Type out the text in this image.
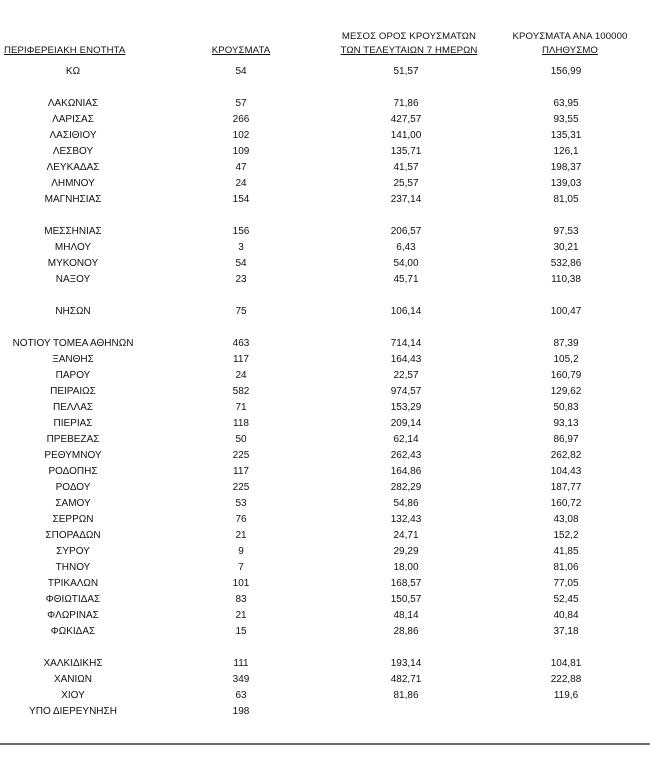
ΠΕΡΙΦΕΡΕΙΑΚΗ ΕΝΟΤΗΤΑ	ΚΡΟΥΣΜΑΤΑ
ΜΕΣΟΣ ΟΡΟΣ ΚΡΟΥΣΜΑΤΩΝ
ΤΩΝ ΤΕΛΕΥΤΑΙΩΝ 7 ΗΜΕΡΩΝ
ΚΡΟΥΣΜΑΤΑ ΑΝΑ 100000
ΠΛΗΘΥΣΜΟ
ΚΩ	54	51,57	156,99
ΛΑΚΩΝΙΑΣ	57	71,86	63,95
ΛΑΡΙΣΑΣ	266	427,57	93,55
ΛΑΣΙΘΙΟΥ	102	141,00	135,31
ΛΕΣΒΟΥ	109	135,71	126,1
ΛΕΥΚΑΔΑΣ	47	41,57	198,37
ΛΗΜΝΟΥ	24	25,57	139,03
ΜΑΓΝΗΣΙΑΣ	154	237,14	81,05
ΜΕΣΣΗΝΙΑΣ	156	206,57	97,53
ΜΗΛΟΥ	3	6,43	30,21
ΜΥΚΟΝΟΥ	54	54,00	532,86
ΝΑΞΟΥ	23	45,71	110,38
ΝΗΣΩΝ	75	106,14	100,47
ΝΟΤΙΟΥ ΤΟΜΕΑ ΑΘΗΝΩΝ	463	714,14	87,39
ΞΑΝΘΗΣ	117	164,43	105,2
ΠΑΡΟΥ	24	22,57	160,79
ΠΕΙΡΑΙΩΣ	582	974,57	129,62
ΠΕΛΛΑΣ	71	153,29	50,83
ΠΙΕΡΙΑΣ	118	209,14	93,13
ΠΡΕΒΕΖΑΣ	50	62,14	86,97
ΡΕΘΥΜΝΟΥ	225	262,43	262,82
ΡΟΔΟΠΗΣ	117	164,86	104,43
ΡΟΔΟΥ	225	282,29	187,77
ΣΑΜΟΥ	53	54,86	160,72
ΣΕΡΡΩΝ	76	132,43	43,08
ΣΠΟΡΑΔΩΝ	21	24,71	152,2
ΣΥΡΟΥ	9	29,29	41,85
ΤΗΝΟΥ	7	18,00	81,06
ΤΡΙΚΑΛΩΝ	101	168,57	77,05
ΦΘΙΩΤΙΔΑΣ	83	150,57	52,45
ΦΛΩΡΙΝΑΣ	21	48,14	40,84
ΦΩΚΙΔΑΣ	15	28,86	37,18
ΧΑΛΚΙΔΙΚΗΣ	111	193,14	104,81
ΧΑΝΙΩΝ	349	482,71	222,88
ΧΙΟΥ	63	81,86	119,6
ΥΠΟ ΔΙΕΡΕΥΝΗΣΗ	198
